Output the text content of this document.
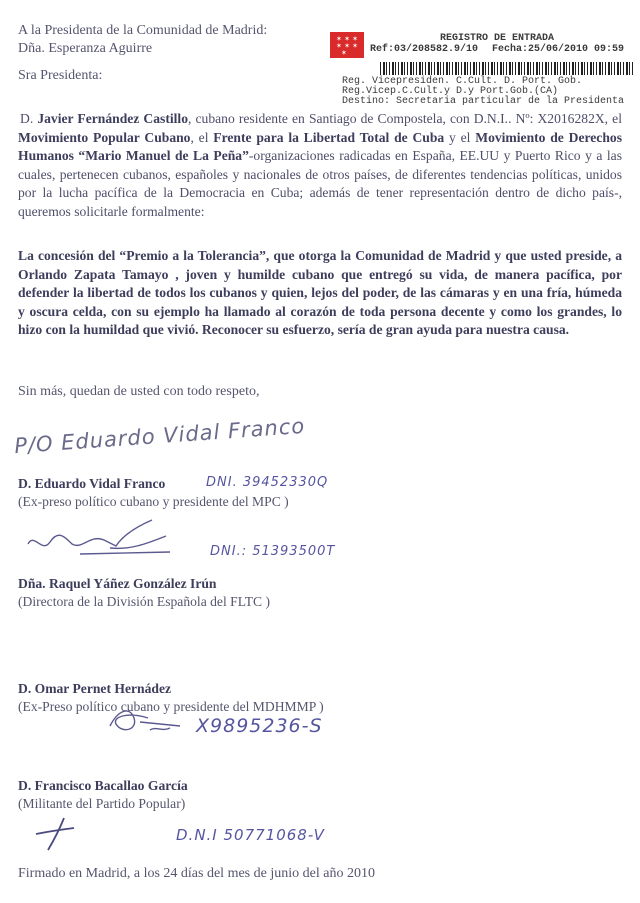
A la Presidenta de la Comunidad de Madrid:
Dña. Esperanza Aguirre
✶ ✶ ✶
✶ ✶ ✶
✶
REGISTRO DE ENTRADA
Ref:03/208582.9/10 Fecha:25/06/2010 09:59
Reg. Vicepresiden. C.Cult. D. Port. Gob.
Reg.Vicep.C.Cult.y D.y Port.Gob.(CA)
Destino: Secretaria particular de la Presidenta
Sra Presidenta:
D. Javier Fernández Castillo, cubano residente en Santiago de Compostela, con D.N.I.. Nº: X2016282X, el Movimiento Popular Cubano, el Frente para la Libertad Total de Cuba y el Movimiento de Derechos Humanos “Mario Manuel de La Peña”-organizaciones radicadas en España, EE.UU y Puerto Rico y a las cuales, pertenecen cubanos, españoles y nacionales de otros países, de diferentes tendencias políticas, unidos por la lucha pacífica de la Democracia en Cuba; además de tener representación dentro de dicho país-, queremos solicitarle formalmente:
La concesión del “Premio a la Tolerancia”, que otorga la Comunidad de Madrid y que usted preside, a Orlando Zapata Tamayo , joven y humilde cubano que entregó su vida, de manera pacífica, por defender la libertad de todos los cubanos y quien, lejos del poder, de las cámaras y en una fría, húmeda y oscura celda, con su ejemplo ha llamado al corazón de toda persona decente y como los grandes, lo hizo con la humildad que vivió. Reconocer su esfuerzo, sería de gran ayuda para nuestra causa.
Sin más, quedan de usted con todo respeto,
P/O Eduardo Vidal Franco
D. Eduardo Vidal Franco	DNI. 39452330Q
(Ex-preso político cubano y presidente del MPC )
DNI.: 51393500T
Dña. Raquel Yáñez González Irún
(Directora de la División Española del FLTC )
D. Omar Pernet Hernádez
(Ex-Preso político cubano y presidente del MDHMMP )
X9895236-S
D. Francisco Bacallao García
(Militante del Partido Popular)
D.N.I 50771068-V
Firmado en Madrid, a los 24 días del mes de junio del año 2010
